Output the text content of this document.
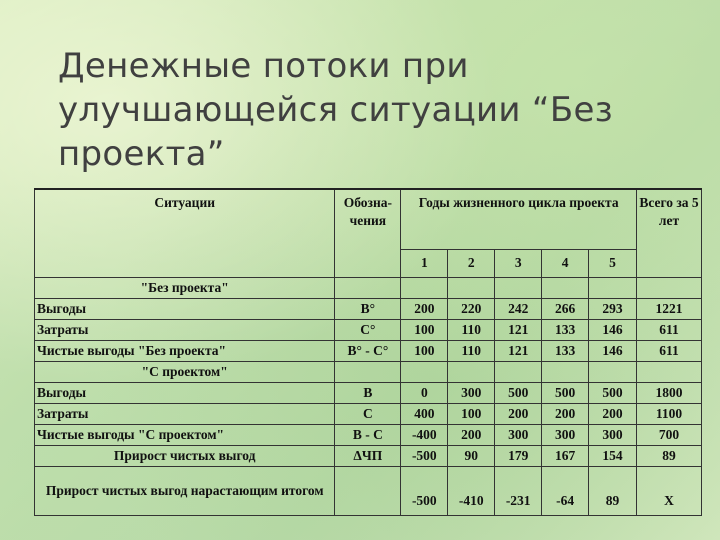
Денежные потоки при улучшающейся ситуации “Без проекта”
Ситуации	Обозна-чения	Годы жизненного цикла проекта					Всего за 5 лет
		1	2	3	4	5	
"Без проекта"							
Выгоды	B°	200	220	242	266	293	1221
Затраты	C°	100	110	121	133	146	611
Чистые выгоды "Без проекта"	B° - C°	100	110	121	133	146	611
"С проектом"							
Выгоды	B	0	300	500	500	500	1800
Затраты	C	400	100	200	200	200	1100
Чистые выгоды "С проектом"	B - C	-400	200	300	300	300	700
Прирост чистых выгод	ΔЧП	-500	90	179	167	154	89
Прирост чистых выгод нарастающим итогом		-500	-410	-231	-64	89	X
